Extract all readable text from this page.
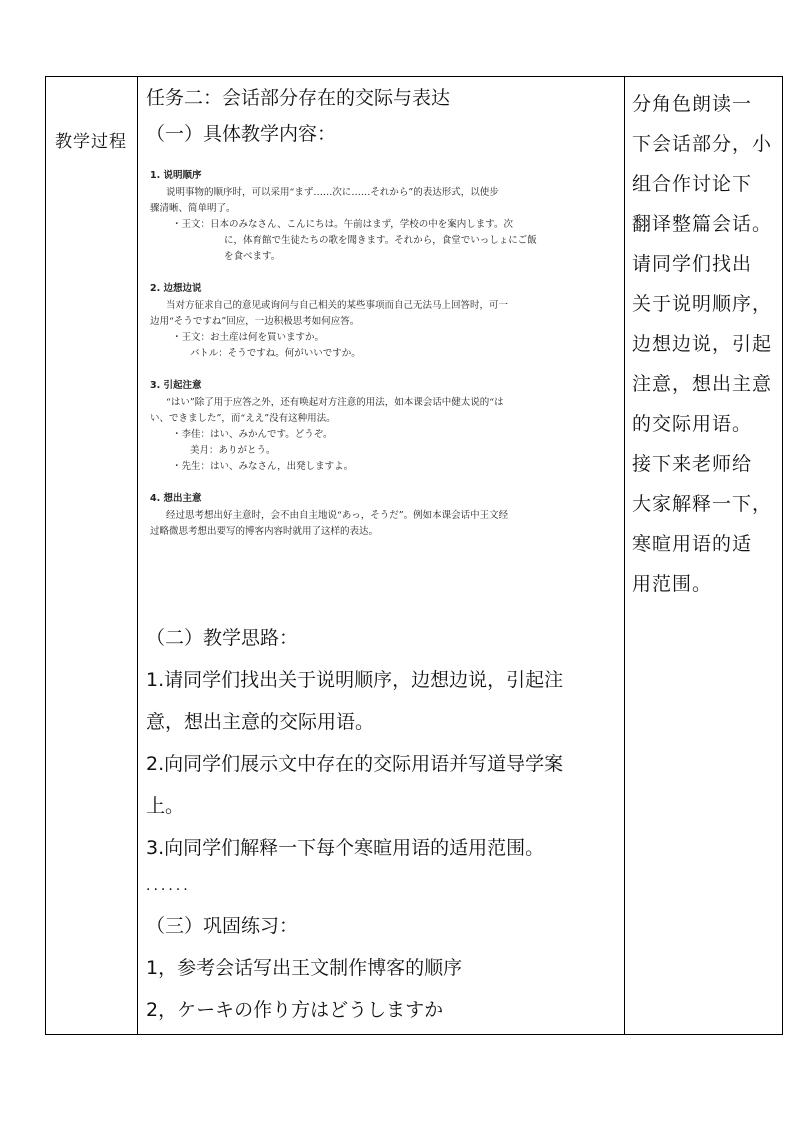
教学过程

任务二：会话部分存在的交际与表达

（一）具体教学内容：

1. 说明顺序

说明事物的顺序时，可以采用“まず……次に……それから”的表达形式，以使步

骤清晰、简单明了。

・王文：日本のみなさん、こんにちは。午前はまず，学校の中を案内します。次

に，体育館で生徒たちの歌を聞きます。それから，食堂でいっしょにご飯

を食べます。

2. 边想边说

当对方征求自己的意见或询问与自己相关的某些事项而自己无法马上回答时，可一

边用“そうですね”回应，一边积极思考如何应答。

・王文：お土産は何を買いますか。

バトル：そうですね。何がいいですか。

3. 引起注意

“はい”除了用于应答之外，还有唤起对方注意的用法，如本课会话中健太说的“は

い、できました”，而“ええ”没有这种用法。

・李佳：はい、みかんです。どうぞ。

美月：ありがとう。

・先生：はい、みなさん，出発しますよ。

4. 想出主意

经过思考想出好主意时，会不由自主地说“あっ，そうだ”。例如本课会话中王文经

过略微思考想出要写的博客内容时就用了这样的表达。

（二）教学思路：

1.请同学们找出关于说明顺序，边想边说，引起注

意，想出主意的交际用语。

2.向同学们展示文中存在的交际用语并写道导学案

上。

3.向同学们解释一下每个寒暄用语的适用范围。

......

（三）巩固练习：

1，参考会话写出王文制作博客的顺序

2，ケーキの作り方はどうしますか

分角色朗读一

下会话部分，小

组合作讨论下

翻译整篇会话。

请同学们找出

关于说明顺序，

边想边说，引起

注意，想出主意

的交际用语。

接下来老师给

大家解释一下，

寒暄用语的适

用范围。
